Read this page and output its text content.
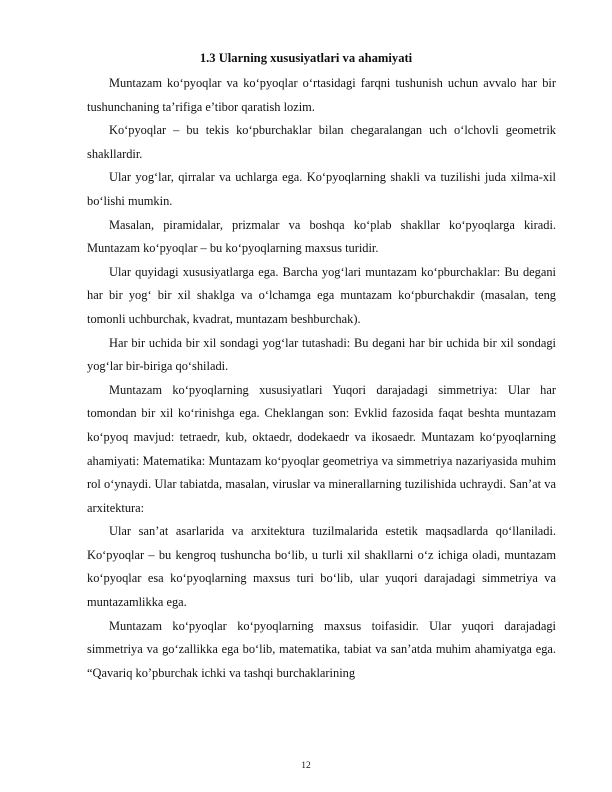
1.3 Ularning xususiyatlari va ahamiyati

Muntazam ko‘pyoqlar va ko‘pyoqlar o‘rtasidagi farqni tushunish uchun avvalo har bir tushunchaning ta’rifiga e’tibor qaratish lozim.

Ko‘pyoqlar – bu tekis ko‘pburchaklar bilan chegaralangan uch o‘lchovli geometrik shakllardir.

Ular yog‘lar, qirralar va uchlarga ega. Ko‘pyoqlarning shakli va tuzilishi juda xilma-xil bo‘lishi mumkin.

Masalan, piramidalar, prizmalar va boshqa ko‘plab shakllar ko‘pyoqlarga kiradi. Muntazam ko‘pyoqlar – bu ko‘pyoqlarning maxsus turidir.

Ular quyidagi xususiyatlarga ega. Barcha yog‘lari muntazam ko‘pburchaklar: Bu degani har bir yog‘ bir xil shaklga va o‘lchamga ega muntazam ko‘pburchakdir (masalan, teng tomonli uchburchak, kvadrat, muntazam beshburchak).

Har bir uchida bir xil sondagi yog‘lar tutashadi: Bu degani har bir uchida bir xil sondagi yog‘lar bir-biriga qo‘shiladi.

Muntazam ko‘pyoqlarning xususiyatlari Yuqori darajadagi simmetriya: Ular har tomondan bir xil ko‘rinishga ega. Cheklangan son: Evklid fazosida faqat beshta muntazam ko‘pyoq mavjud: tetraedr, kub, oktaedr, dodekaedr va ikosaedr. Muntazam ko‘pyoqlarning ahamiyati: Matematika: Muntazam ko‘pyoqlar geometriya va simmetriya nazariyasida muhim rol o‘ynaydi. Ular tabiatda, masalan, viruslar va minerallarning tuzilishida uchraydi. San’at va arxitektura:

Ular san’at asarlarida va arxitektura tuzilmalarida estetik maqsadlarda qo‘llaniladi. Ko‘pyoqlar – bu kengroq tushuncha bo‘lib, u turli xil shakllarni o‘z ichiga oladi, muntazam ko‘pyoqlar esa ko‘pyoqlarning maxsus turi bo‘lib, ular yuqori darajadagi simmetriya va muntazamlikka ega.

Muntazam ko‘pyoqlar ko‘pyoqlarning maxsus toifasidir. Ular yuqori darajadagi simmetriya va go‘zallikka ega bo‘lib, matematika, tabiat va san’atda muhim ahamiyatga ega. “Qavariq ko’pburchak ichki va tashqi burchaklarining

12
